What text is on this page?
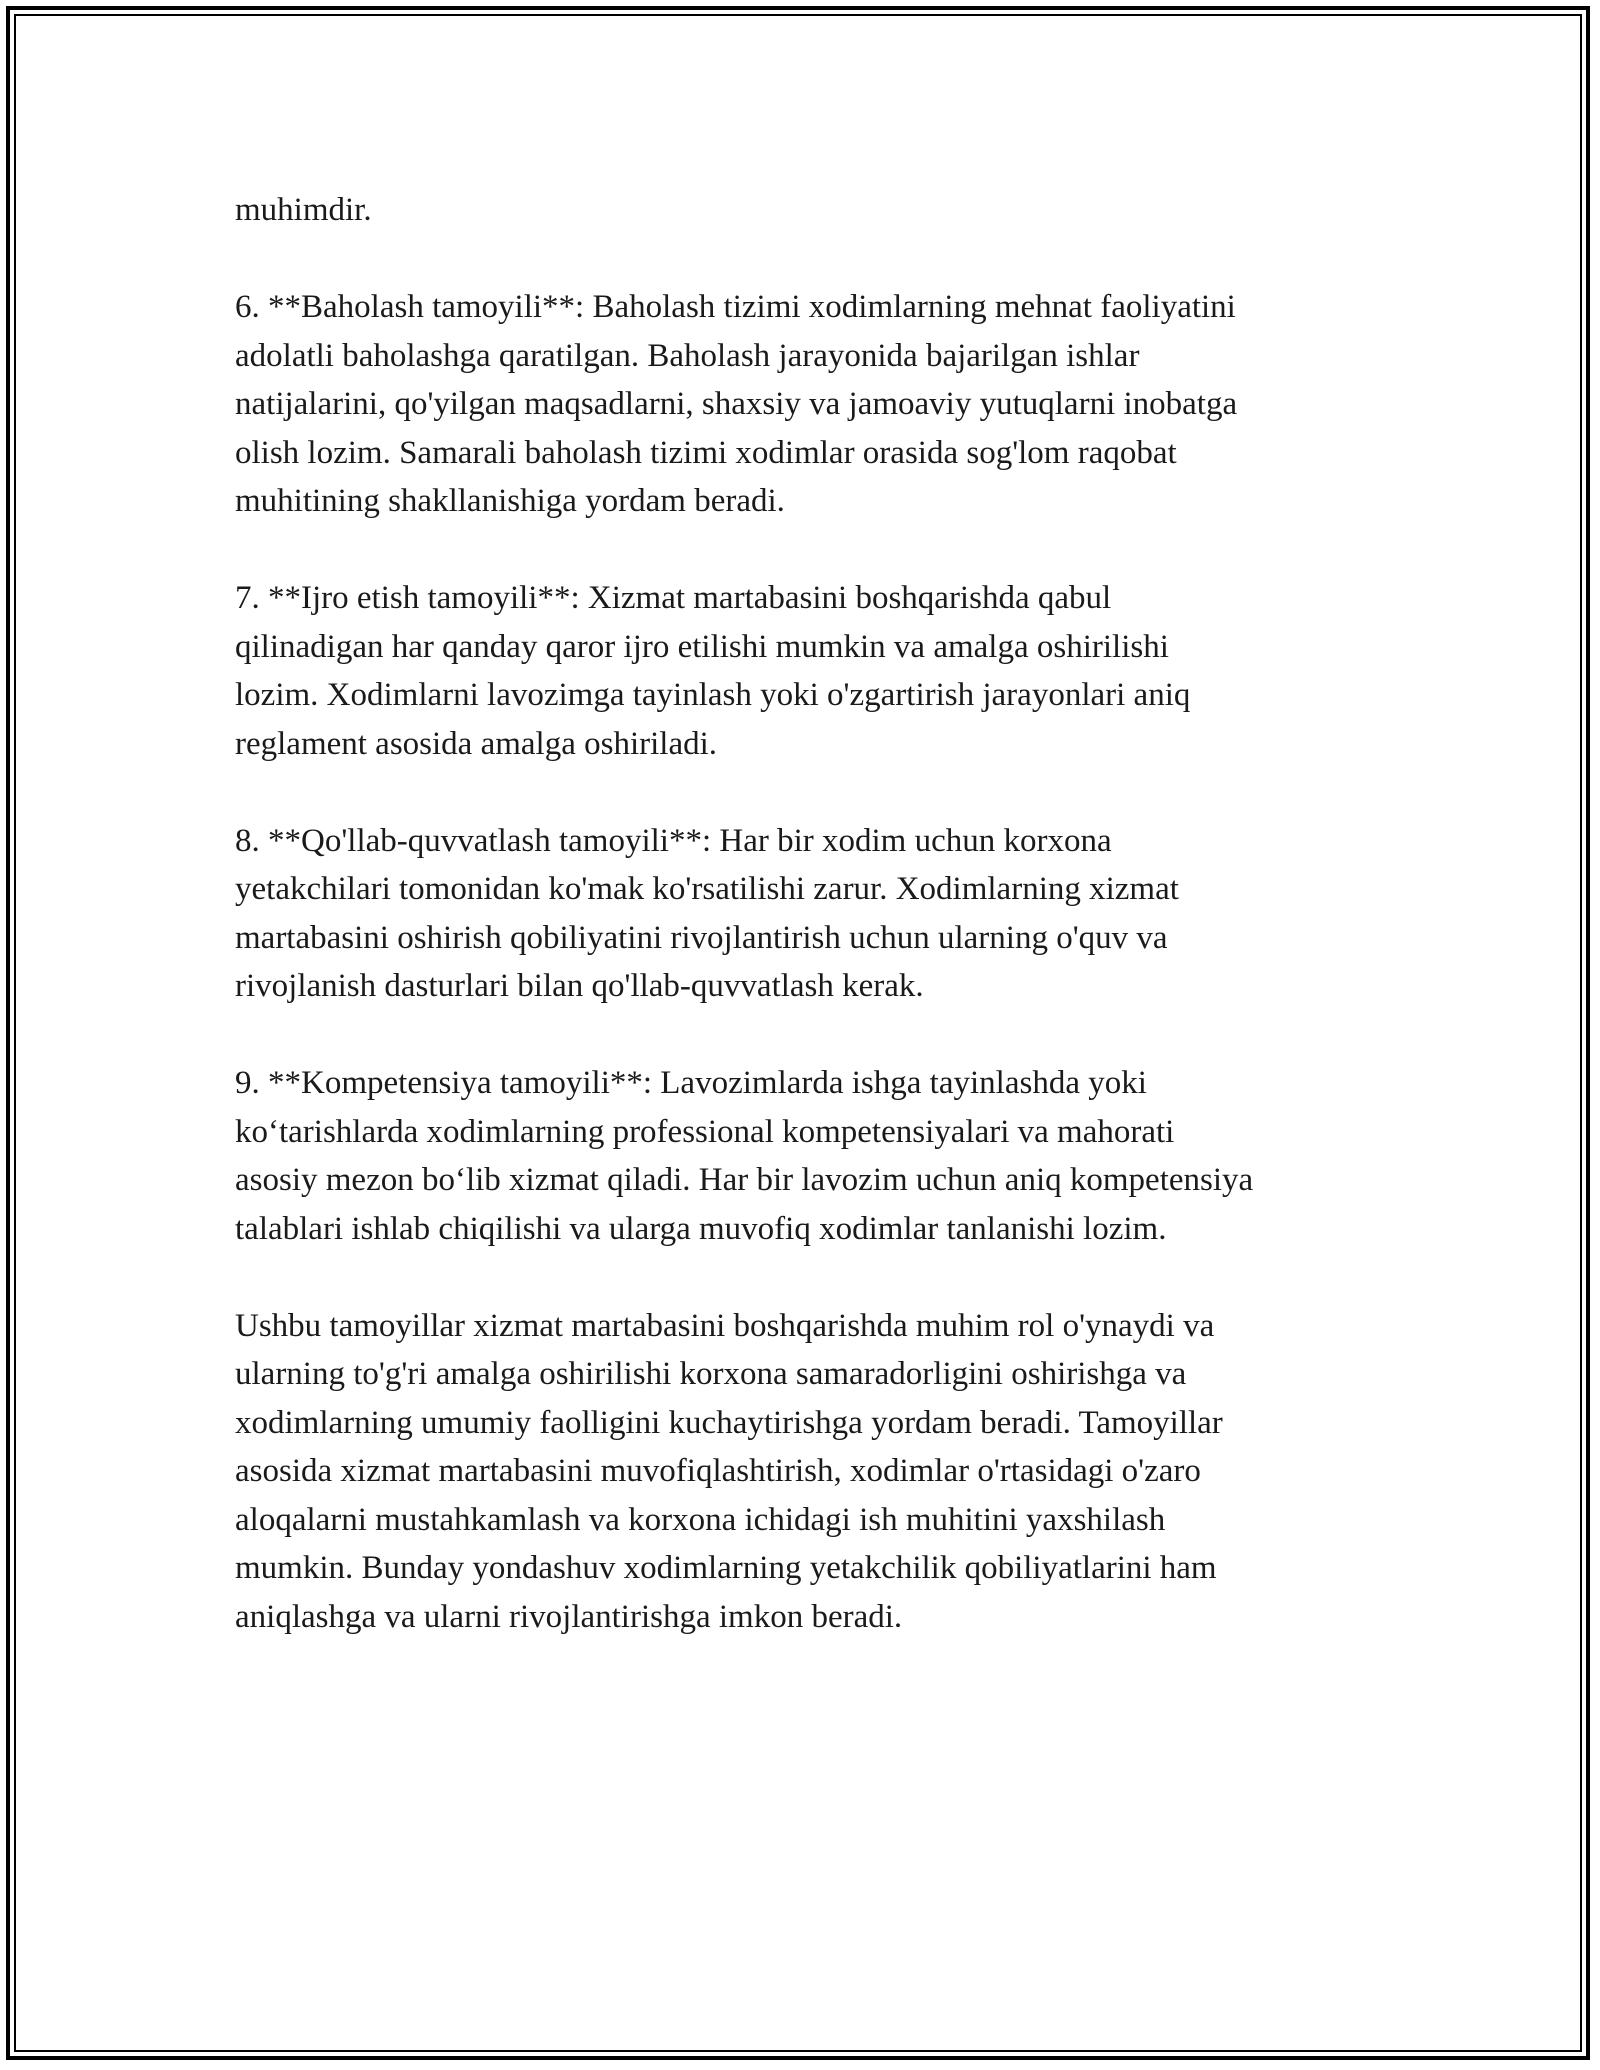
muhimdir.

6. **Baholash tamoyili**: Baholash tizimi xodimlarning mehnat faoliyatini
adolatli baholashga qaratilgan. Baholash jarayonida bajarilgan ishlar
natijalarini, qo'yilgan maqsadlarni, shaxsiy va jamoaviy yutuqlarni inobatga
olish lozim. Samarali baholash tizimi xodimlar orasida sog'lom raqobat
muhitining shakllanishiga yordam beradi.

7. **Ijro etish tamoyili**: Xizmat martabasini boshqarishda qabul
qilinadigan har qanday qaror ijro etilishi mumkin va amalga oshirilishi
lozim. Xodimlarni lavozimga tayinlash yoki o'zgartirish jarayonlari aniq
reglament asosida amalga oshiriladi.

8. **Qo'llab-quvvatlash tamoyili**: Har bir xodim uchun korxona
yetakchilari tomonidan ko'mak ko'rsatilishi zarur. Xodimlarning xizmat
martabasini oshirish qobiliyatini rivojlantirish uchun ularning o'quv va
rivojlanish dasturlari bilan qo'llab-quvvatlash kerak.

9. **Kompetensiya tamoyili**: Lavozimlarda ishga tayinlashda yoki
ko‘tarishlarda xodimlarning professional kompetensiyalari va mahorati
asosiy mezon bo‘lib xizmat qiladi. Har bir lavozim uchun aniq kompetensiya
talablari ishlab chiqilishi va ularga muvofiq xodimlar tanlanishi lozim.

Ushbu tamoyillar xizmat martabasini boshqarishda muhim rol o'ynaydi va
ularning to'g'ri amalga oshirilishi korxona samaradorligini oshirishga va
xodimlarning umumiy faolligini kuchaytirishga yordam beradi. Tamoyillar
asosida xizmat martabasini muvofiqlashtirish, xodimlar o'rtasidagi o'zaro
aloqalarni mustahkamlash va korxona ichidagi ish muhitini yaxshilash
mumkin. Bunday yondashuv xodimlarning yetakchilik qobiliyatlarini ham
aniqlashga va ularni rivojlantirishga imkon beradi.
